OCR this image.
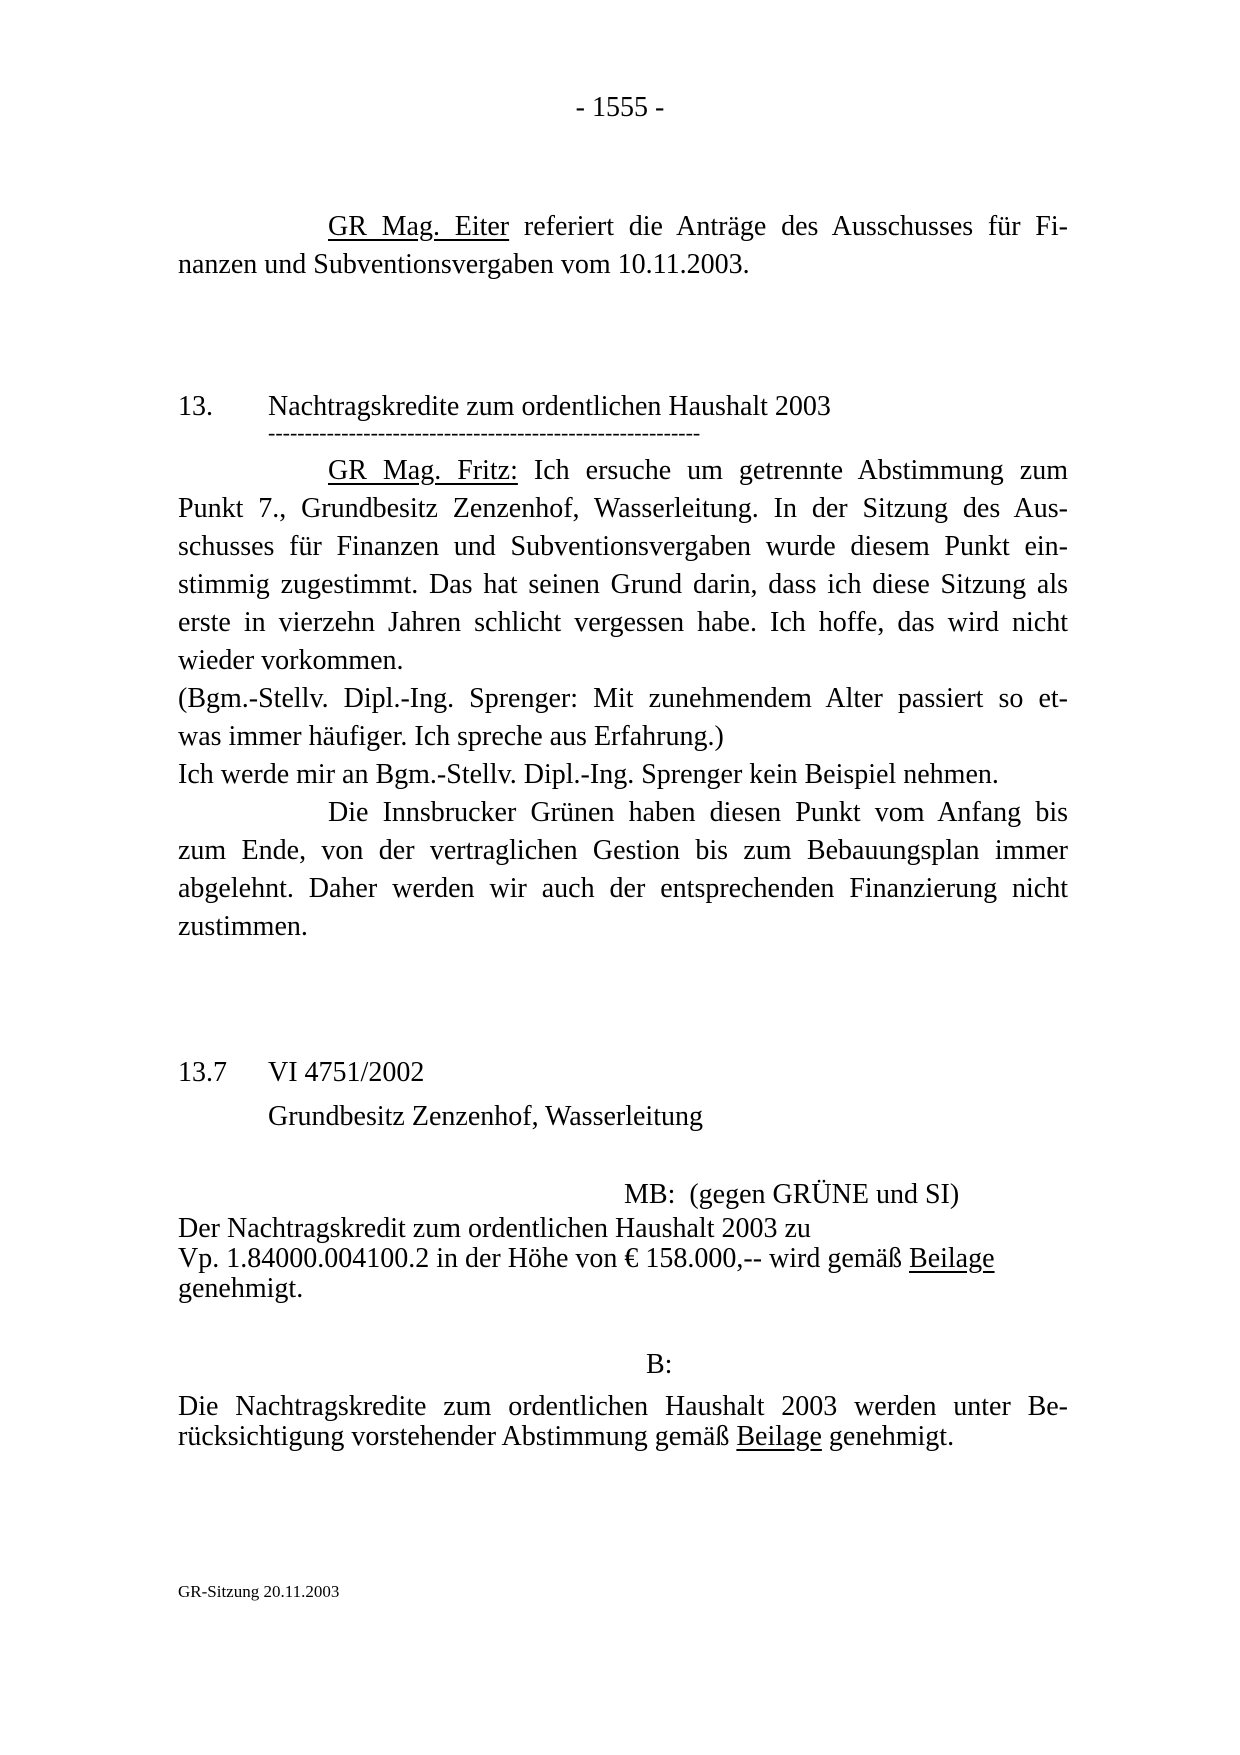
- 1555 -
GR Mag. Eiter referiert die Anträge des Ausschusses für Fi-
nanzen und Subventionsvergaben vom 10.11.2003.
13. Nachtragskredite zum ordentlichen Haushalt 2003
-----------------------------------------------------------
GR Mag. Fritz: Ich ersuche um getrennte Abstimmung zum
Punkt 7., Grundbesitz Zenzenhof, Wasserleitung. In der Sitzung des Aus-
schusses für Finanzen und Subventionsvergaben wurde diesem Punkt ein-
stimmig zugestimmt. Das hat seinen Grund darin, dass ich diese Sitzung als
erste in vierzehn Jahren schlicht vergessen habe. Ich hoffe, das wird nicht
wieder vorkommen.
(Bgm.-Stellv. Dipl.-Ing. Sprenger: Mit zunehmendem Alter passiert so et-
was immer häufiger. Ich spreche aus Erfahrung.)
Ich werde mir an Bgm.-Stellv. Dipl.-Ing. Sprenger kein Beispiel nehmen.
Die Innsbrucker Grünen haben diesen Punkt vom Anfang bis
zum Ende, von der vertraglichen Gestion bis zum Bebauungsplan immer
abgelehnt. Daher werden wir auch der entsprechenden Finanzierung nicht
zustimmen.
13.7 VI 4751/2002
Grundbesitz Zenzenhof, Wasserleitung
MB:  (gegen GRÜNE und SI)
Der Nachtragskredit zum ordentlichen Haushalt 2003 zu
Vp. 1.84000.004100.2 in der Höhe von € 158.000,-- wird gemäß Beilage
genehmigt.
B:
Die Nachtragskredite zum ordentlichen Haushalt 2003 werden unter Be-
rücksichtigung vorstehender Abstimmung gemäß Beilage genehmigt.
GR-Sitzung 20.11.2003
